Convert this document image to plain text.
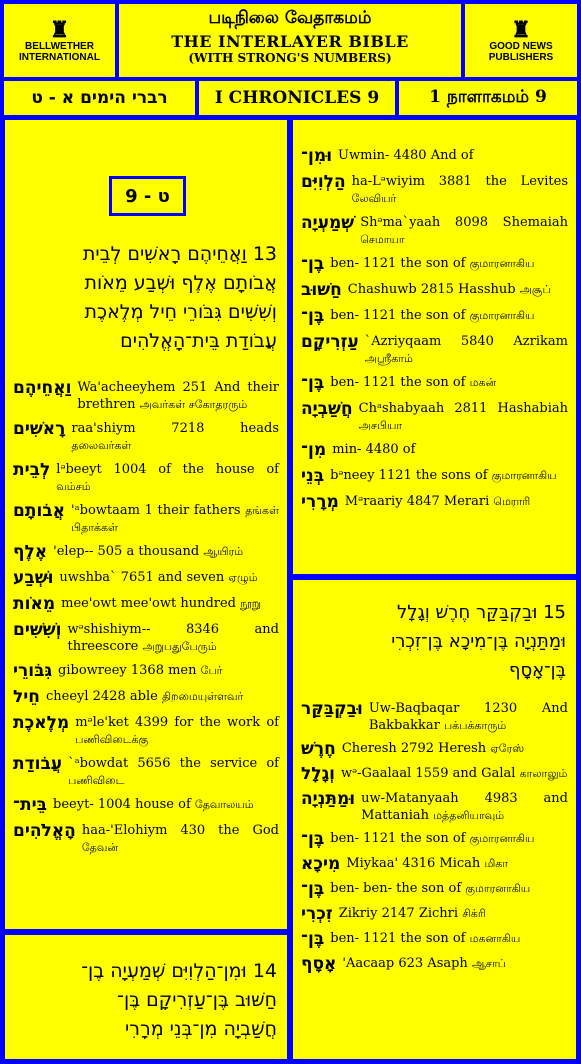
♜
BELLWETHER
INTERNATIONAL
படிநிலை வேதாகமம்
THE INTERLAYER BIBLE
(WITH STRONG'S NUMBERS)
♜
GOOD NEWS
PUBLISHERS
רברי הימים א - ט	I CHRONICLES 9	1 நாளாகமம் 9
ט - 9
13 וַאֲחֵיהֶם רָאשִׁים לְבֵית
אֲבֹותָם אֶלֶף וּשְׁבַע מֵאֹות
וְשִׁשִּׁים גִּבֹּורֵי חֵיל מְלֶאכֶת
עֲבֹודַת בֵּית־הָאֱלֹהִים
וַאֲחֵיהֶם Wa'acheeyhem 251 And their brethren அவர்கள் சகோதரரும்
רָאשִׁים raa'shiym 7218 heads தலைவர்கள்
לְבֵית lᵊbeeyt 1004 of the house of வம்சம்
אֲבֹותָם 'ᵃbowtaam 1 their fathers தங்கள் பிதாக்கள்
אֶלֶף 'elep-- 505 a thousand ஆயிரம்
וּשְׁבַע uwshba` 7651 and seven ஏழும்
מֵאֹות mee'owt mee'owt hundred நூறு
וְשִׁשִּׁים wᵊshishiym-- 8346 and threescore அறுபதுபேரும்
גִּבֹּורֵי gibowreey 1368 men பேர்
חֵיל cheeyl 2428 able திறமையுள்ளவர்
מְלֶאכֶת mᵊle'ket 4399 for the work of பணிவிடைக்கு
עֲבֹודַת `ᵃbowdat 5656 the service of பணிவிடை
בֵּית־ beeyt- 1004 house of தேவாலயம்
הָאֱלֹהִים haa-'Elohiym 430 the God தேவன்
14 וּמִן־הַלְוִיִּם שְׁמַעְיָה בֶן־
חַשּׁוּב בֶּן־עַזְרִיקָם בֶּן־
חֲשַׁבְיָה מִן־בְּנֵי מְרָרִי
וּמִן־ Uwmin- 4480 And of
הַלְוִיִּם ha-Lᵊwiyim 3881 the Levites லேவியர்
שְׁמַעְיָה Shᵊma`yaah 8098 Shemaiah செமாயா
בֶן־ ben- 1121 the son of குமாரனாகிய
חַשּׁוּב Chashuwb 2815 Hasshub அசூப்
בֶּן־ ben- 1121 the son of குமாரனாகிய
עַזְרִיקָם `Azriyqaam 5840 Azrikam அஸ்ரீகாம்
בֶּן־ ben- 1121 the son of மகன்
חֲשַׁבְיָה Chᵃshabyaah 2811 Hashabiah அசபியா
מִן־ min- 4480 of
בְּנֵי bᵊneey 1121 the sons of குமாரனாகிய
מְרָרִי Mᵊraariy 4847 Merari மெராரி
15 וּבַקְבַּקַּר חֶרֶשׁ וְגָלָל
וּמַתַּנְיָה בֶּן־מִיכָא בֶּן־זִכְרִי
בֶּן־אָסָף
וּבַקְבַּקַּר Uw-Baqbaqar 1230 And Bakbakkar பக்பக்காரும்
חֶרֶשׁ Cheresh 2792 Heresh ஏரேஸ்
וְגָלָל wᵊ-Gaalaal 1559 and Galal காலாலும்
וּמַתַּנְיָה uw-Matanyaah 4983 and Mattaniah மத்தனியாவும்
בֶּן־ ben- 1121 the son of குமாரனாகிய
מִיכָא Miykaa' 4316 Micah மிகா
בֶּן־ ben- ben- the son of குமாரனாகிய
זִכְרִי Zikriy 2147 Zichri சிக்ரி
בֶּן־ ben- 1121 the son of மகனாகிய
אָסָף 'Aacaap 623 Asaph ஆசாப்
